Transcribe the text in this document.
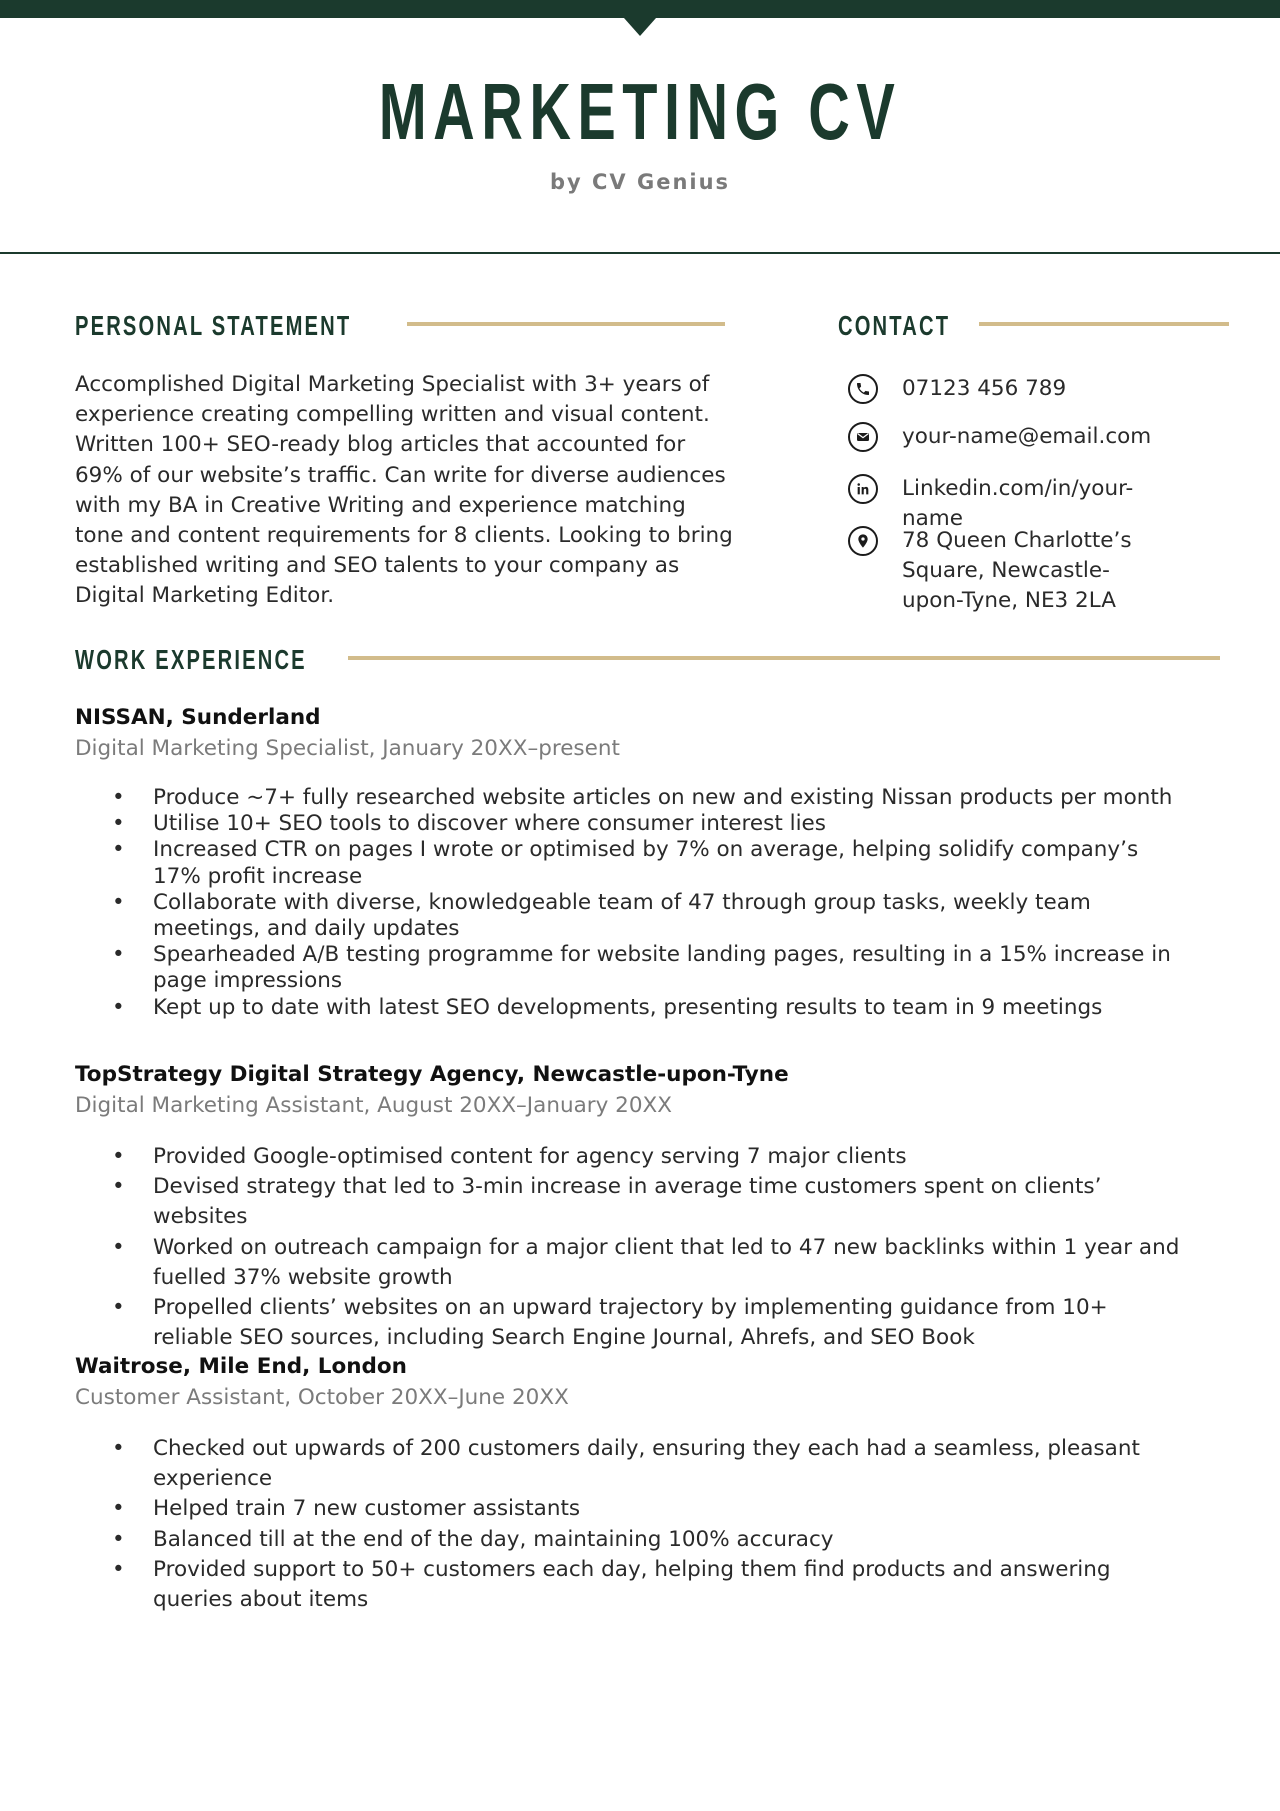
MARKETING CV
by CV Genius
PERSONAL STATEMENT
Accomplished Digital Marketing Specialist with 3+ years of experience creating compelling written and visual content. Written 100+ SEO-ready blog articles that accounted for 69% of our website’s traffic. Can write for diverse audiences with my BA in Creative Writing and experience matching tone and content requirements for 8 clients. Looking to bring established writing and SEO talents to your company as Digital Marketing Editor.
CONTACT
07123 456 789
your-name@email.com
Linkedin.com/in/your-name
78 Queen Charlotte’s Square, Newcastle-upon-Tyne, NE3 2LA
WORK EXPERIENCE
NISSAN, Sunderland
Digital Marketing Specialist, January 20XX–present
• Produce ~7+ fully researched website articles on new and existing Nissan products per month
• Utilise 10+ SEO tools to discover where consumer interest lies
• Increased CTR on pages I wrote or optimised by 7% on average, helping solidify company’s 17% profit increase
• Collaborate with diverse, knowledgeable team of 47 through group tasks, weekly team meetings, and daily updates
• Spearheaded A/B testing programme for website landing pages, resulting in a 15% increase in page impressions
• Kept up to date with latest SEO developments, presenting results to team in 9 meetings
TopStrategy Digital Strategy Agency, Newcastle-upon-Tyne
Digital Marketing Assistant, August 20XX–January 20XX
• Provided Google-optimised content for agency serving 7 major clients
• Devised strategy that led to 3-min increase in average time customers spent on clients’ websites
• Worked on outreach campaign for a major client that led to 47 new backlinks within 1 year and fuelled 37% website growth
• Propelled clients’ websites on an upward trajectory by implementing guidance from 10+ reliable SEO sources, including Search Engine Journal, Ahrefs, and SEO Book
Waitrose, Mile End, London
Customer Assistant, October 20XX–June 20XX
• Checked out upwards of 200 customers daily, ensuring they each had a seamless, pleasant experience
• Helped train 7 new customer assistants
• Balanced till at the end of the day, maintaining 100% accuracy
• Provided support to 50+ customers each day, helping them find products and answering queries about items
